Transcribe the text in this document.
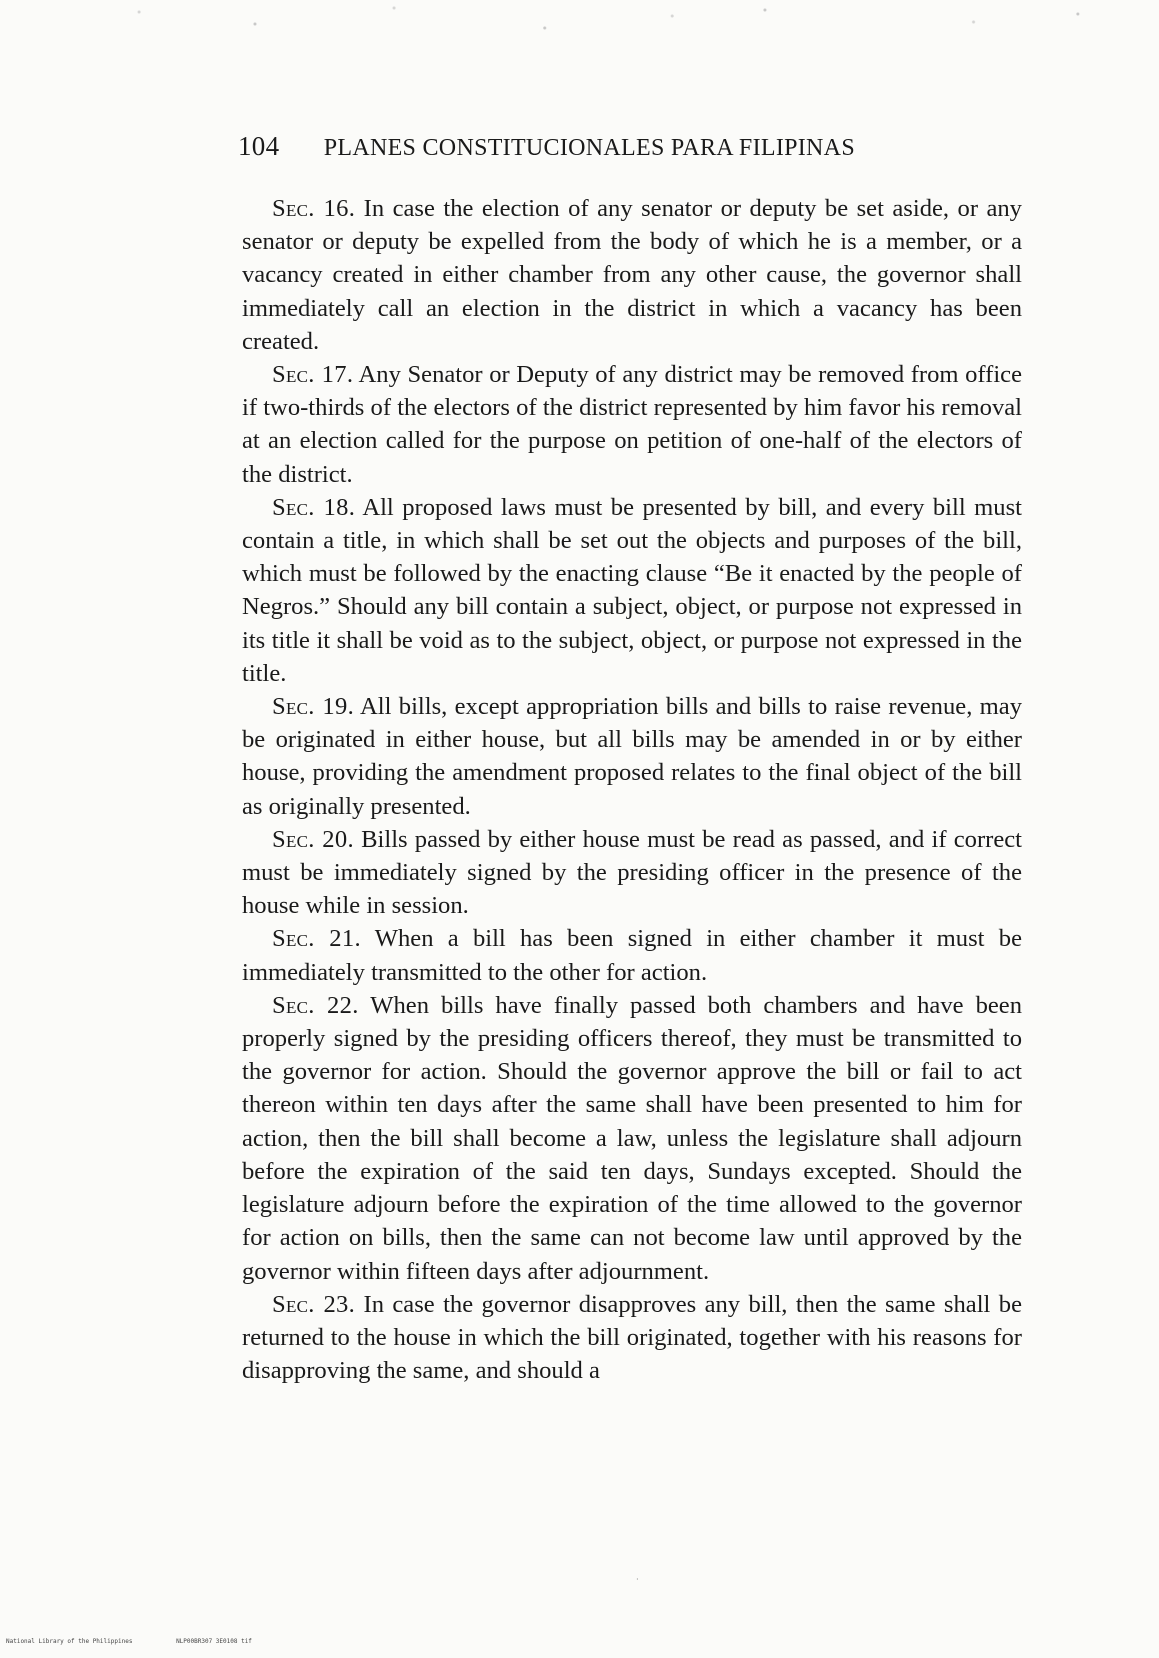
104 PLANES CONSTITUCIONALES PARA FILIPINAS

Sec. 16. In case the election of any senator or deputy be set aside, or any senator or deputy be expelled from the body of which he is a member, or a vacancy created in either chamber from any other cause, the governor shall immediately call an election in the district in which a vacancy has been created.

Sec. 17. Any Senator or Deputy of any district may be removed from office if two-thirds of the electors of the district represented by him favor his removal at an election called for the purpose on petition of one-half of the electors of the district.

Sec. 18. All proposed laws must be presented by bill, and every bill must contain a title, in which shall be set out the objects and purposes of the bill, which must be followed by the enacting clause “Be it enacted by the people of Negros.” Should any bill contain a subject, object, or purpose not expressed in its title it shall be void as to the subject, object, or purpose not expressed in the title.

Sec. 19. All bills, except appropriation bills and bills to raise revenue, may be originated in either house, but all bills may be amended in or by either house, providing the amendment proposed relates to the final object of the bill as originally presented.

Sec. 20. Bills passed by either house must be read as passed, and if correct must be immediately signed by the presiding officer in the presence of the house while in session.

Sec. 21. When a bill has been signed in either chamber it must be immediately transmitted to the other for action.

Sec. 22. When bills have finally passed both chambers and have been properly signed by the presiding officers thereof, they must be transmitted to the governor for action. Should the governor approve the bill or fail to act thereon within ten days after the same shall have been presented to him for action, then the bill shall become a law, unless the legislature shall adjourn before the expiration of the said ten days, Sundays excepted. Should the legislature adjourn before the expiration of the time allowed to the governor for action on bills, then the same can not become law until approved by the governor within fifteen days after adjournment.

Sec. 23. In case the governor disapproves any bill, then the same shall be returned to the house in which the bill originated, together with his reasons for disapproving the same, and should a

·
National Library of the Philippines	NLP00BR307 3E0108 tif
